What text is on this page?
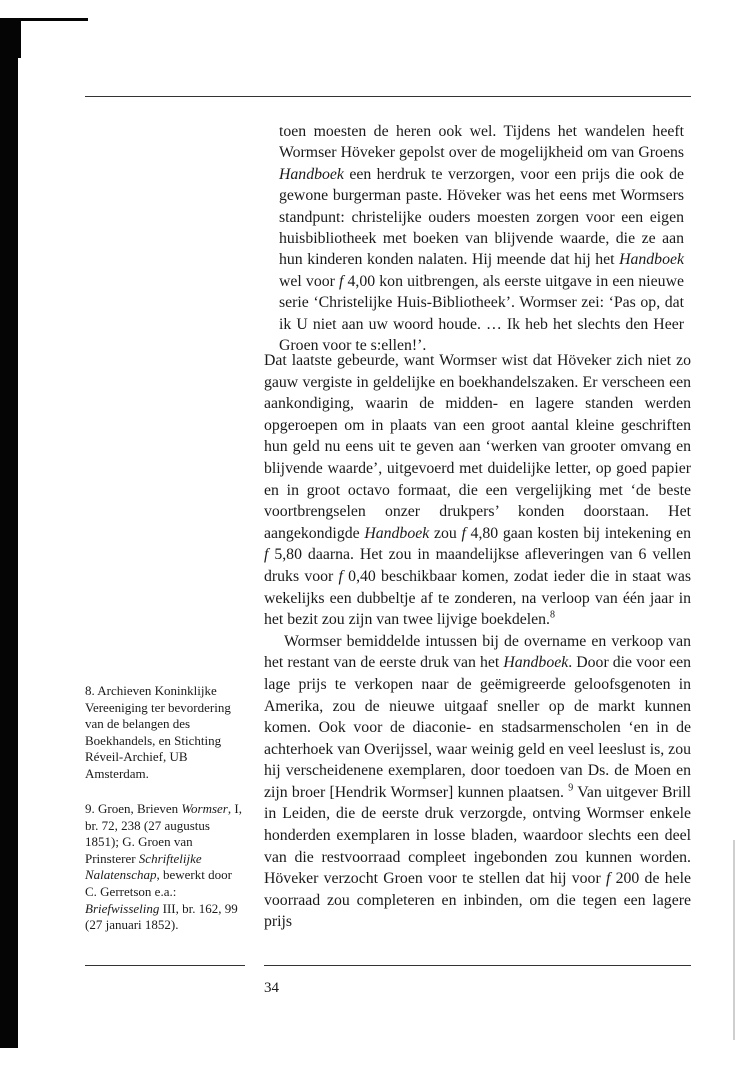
toen moesten de heren ook wel. Tijdens het wandelen heeft Wormser Höveker gepolst over de mogelijkheid om van Groens Handboek een herdruk te verzorgen, voor een prijs die ook de gewone burgerman paste. Höveker was het eens met Wormsers standpunt: christelijke ouders moesten zorgen voor een eigen huisbibliotheek met boeken van blijvende waarde, die ze aan hun kinderen konden nalaten. Hij meende dat hij het Handboek wel voor f 4,00 kon uitbrengen, als eerste uitgave in een nieuwe serie ‘Christelijke Huis-Bibliotheek’. Wormser zei: ‘Pas op, dat ik U niet aan uw woord houde. … Ik heb het slechts den Heer Groen voor te s:ellen!’.

Dat laatste gebeurde, want Wormser wist dat Höveker zich niet zo gauw vergiste in geldelijke en boekhandelszaken. Er verscheen een aankondiging, waarin de midden- en lagere standen werden opgeroepen om in plaats van een groot aantal kleine geschriften hun geld nu eens uit te geven aan ‘werken van grooter omvang en blijvende waarde’, uitgevoerd met duidelijke letter, op goed papier en in groot octavo formaat, die een vergelijking met ‘de beste voortbrengselen onzer drukpers’ konden doorstaan. Het aangekondigde Handboek zou f 4,80 gaan kosten bij intekening en f 5,80 daarna. Het zou in maandelijkse afleveringen van 6 vellen druks voor f 0,40 beschikbaar komen, zodat ieder die in staat was wekelijks een dubbeltje af te zonderen, na verloop van één jaar in het bezit zou zijn van twee lijvige boekdelen.$^8$

Wormser bemiddelde intussen bij de overname en verkoop van het restant van de eerste druk van het Handboek. Door die voor een lage prijs te verkopen naar de geëmigreerde geloofsgenoten in Amerika, zou de nieuwe uitgaaf sneller op de markt kunnen komen. Ook voor de diaconie- en stadsarmenscholen ‘en in de achterhoek van Overijssel, waar weinig geld en veel leeslust is, zou hij verscheidenene exemplaren, door toedoen van Ds. de Moen en zijn broer [Hendrik Wormser] kunnen plaatsen. $^9$ Van uitgever Brill in Leiden, die de eerste druk verzorgde, ontving Wormser enkele honderden exemplaren in losse bladen, waardoor slechts een deel van die restvoorraad compleet ingebonden zou kunnen worden. Höveker verzocht Groen voor te stellen dat hij voor f 200 de hele voorraad zou completeren en inbinden, om die tegen een lagere prijs

8. Archieven Koninklijke Vereeniging ter bevordering van de belangen des Boekhandels, en Stichting Réveil-Archief, UB Amsterdam.

9. Groen, Brieven Wormser, I, br. 72, 238 (27 augustus 1851); G. Groen van Prinsterer Schriftelijke Nalatenschap, bewerkt door C. Gerretson e.a.: Briefwisseling III, br. 162, 99 (27 januari 1852).

34
